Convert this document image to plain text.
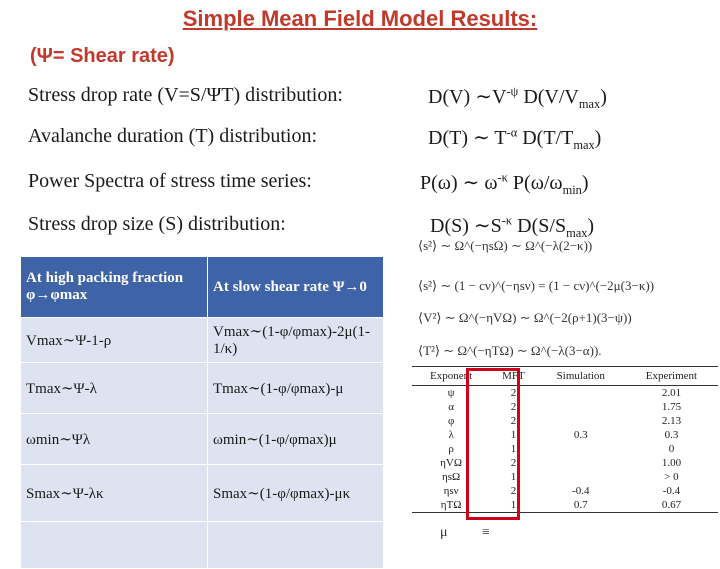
Simple Mean Field Model Results:
(Ψ= Shear rate)
Stress drop rate (V=S/ΨT) distribution:	D(V) $\sim V^{-\psi}$ $D(V/V_{max})$
Avalanche duration (T) distribution:	D(T) ∼ $T^{-\alpha}$ $D(T/T_{max})$
Power Spectra of stress time series:	P(ω) ∼ $\omega^{-\kappa}$ $P(\omega/\omega_{min})$
Stress drop size (S) distribution:	D(S) $\sim S^{-\kappa}$ $D(S/S_{max})$
At high packing fraction φ→φmax	At slow shear rate Ψ→0
Vmax∼Ψ-1-ρ	Vmax∼(1-φ/φmax)-2μ(1-1/κ)
Tmax∼Ψ-λ	Tmax∼(1-φ/φmax)-μ
ωmin∼Ψλ	ωmin∼(1-φ/φmax)μ
Smax∼Ψ-λκ	Smax∼(1-φ/φmax)-μκ

⟨s²⟩ ∼ Ω^(−ηsΩ) ∼ Ω^(−λ(2−κ))
⟨s²⟩ ∼ (1 − cν)^(−ηsν) = (1 − cν)^(−2μ(3−κ))
⟨V²⟩ ∼ Ω^(−ηVΩ) ∼ Ω^(−2(ρ+1)(3−ψ))
⟨T²⟩ ∼ Ω^(−ηTΩ) ∼ Ω^(−λ(3−α)).
Exponent	MFT	Simulation	Experiment
ψ	2		2.01
α	2		1.75
φ	2		2.13
λ	1	0.3	0.3
ρ	1		0
ηVΩ	2		1.00
ηsΩ	1		> 0
ηsν	2	-0.4	-0.4
ηTΩ	1	0.7	0.67
μ ≡
